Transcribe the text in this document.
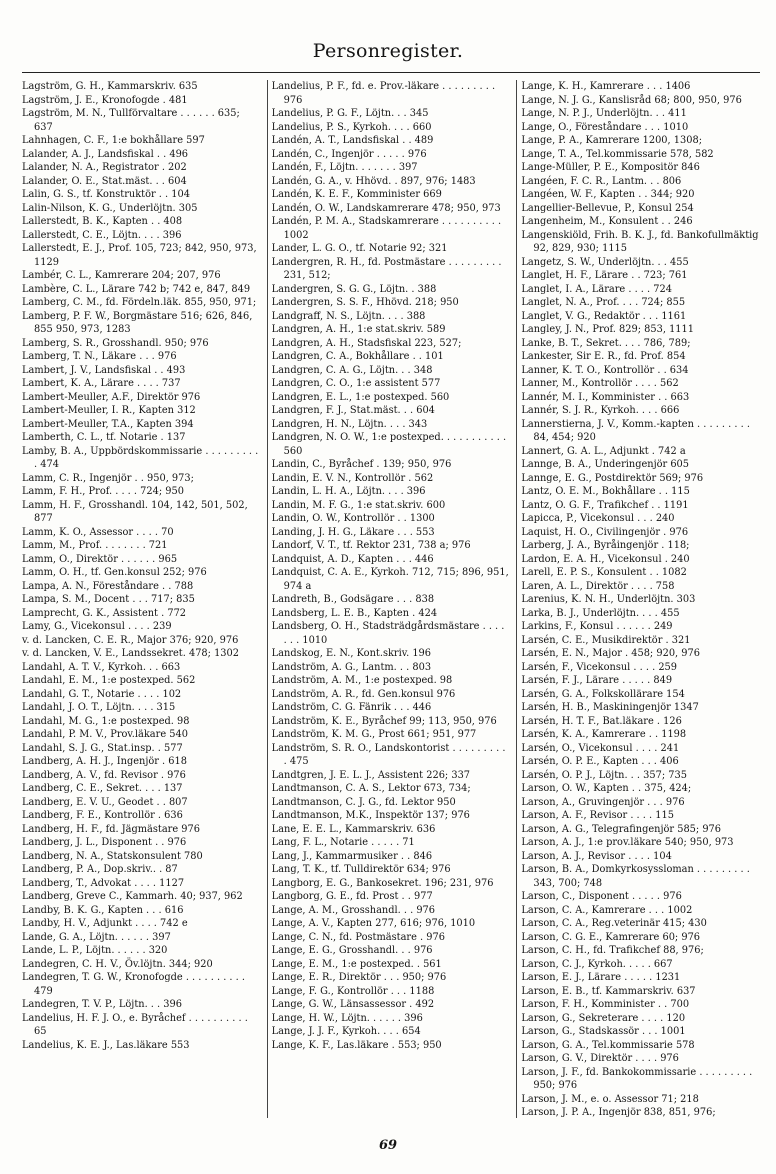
Personregister.
Lagström, G. H., Kammarskriv. 635
Lagström, J. E., Kronofogde . 481
Lagström, M. N., Tullförvaltare . . . . . . 635; 637
Lahnhagen, C. F., 1:e bokhållare 597
Lalander, A. J., Landsfiskal . . 496
Lalander, N. A., Registrator . 202
Lalander, O. E., Stat.mäst. . . 604
Lalin, G. S., tf. Konstruktör . . 104
Lalin-Nilson, K. G., Underlöjtn. 305
Lallerstedt, B. K., Kapten . . 408
Lallerstedt, C. E., Löjtn. . . . 396
Lallerstedt, E. J., Prof. 105, 723; 842, 950, 973, 1129
Lambér, C. L., Kamrerare 204; 207, 976
Lambère, C. L., Lärare 742 b; 742 e, 847, 849
Lamberg, C. M., fd. Fördeln.läk. 855, 950, 971;
Lamberg, P. F. W., Borgmästare 516; 626, 846, 855 950, 973, 1283
Lamberg, S. R., Grosshandl. 950; 976
Lamberg, T. N., Läkare . . . 976
Lambert, J. V., Landsfiskal . . 493
Lambert, K. A., Lärare . . . . 737
Lambert-Meuller, A.F., Direktör 976
Lambert-Meuller, I. R., Kapten 312
Lambert-Meuller, T.A., Kapten 394
Lamberth, C. L., tf. Notarie . 137
Lamby, B. A., Uppbördskommissarie . . . . . . . . . . 474
Lamm, C. R., Ingenjör . . 950, 973;
Lamm, F. H., Prof. . . . . 724; 950
Lamm, H. F., Grosshandl. 104, 142, 501, 502, 877
Lamm, K. O., Assessor . . . . 70
Lamm, M., Prof. . . . . . . . 721
Lamm, O., Direktör . . . . . . 965
Lamm, O. H., tf. Gen.konsul 252; 976
Lampa, A. N., Föreståndare . . 788
Lampa, S. M., Docent . . . 717; 835
Lamprecht, G. K., Assistent . 772
Lamy, G., Vicekonsul . . . . 239
v. d. Lancken, C. E. R., Major 376; 920, 976
v. d. Lancken, V. E., Landssekret. 478; 1302
Landahl, A. T. V., Kyrkoh. . . 663
Landahl, E. M., 1:e postexped. 562
Landahl, G. T., Notarie . . . . 102
Landahl, J. O. T., Löjtn. . . . 315
Landahl, M. G., 1:e postexped. 98
Landahl, P. M. V., Prov.läkare 540
Landahl, S. J. G., Stat.insp. . 577
Landberg, A. H. J., Ingenjör . 618
Landberg, A. V., fd. Revisor . 976
Landberg, C. E., Sekret. . . . 137
Landberg, E. V. U., Geodet . . 807
Landberg, F. E., Kontrollör . 636
Landberg, H. F., fd. Jägmästare 976
Landberg, J. L., Disponent . . 976
Landberg, N. A., Statskonsulent 780
Landberg, P. A., Dop.skriv.. . 87
Landberg, T., Advokat . . . . 1127
Landberg, Greve C., Kammarh. 40; 937, 962
Landby, B. K. G., Kapten . . . 616
Landby, H. V., Adjunkt . . . . 742 e
Lande, G. A., Löjtn. . . . . . 397
Lande, L. P., Löjtn. . . . . . 320
Landegren, C. H. V., Öv.löjtn. 344; 920
Landegren, T. G. W., Kronofogde . . . . . . . . . . 479
Landegren, T. V. P., Löjtn. . . 396
Landelius, H. F. J. O., e. Byråchef . . . . . . . . . . 65
Landelius, K. E. J., Las.läkare 553
Landelius, P. F., fd. e. Prov.-läkare . . . . . . . . . 976
Landelius, P. G. F., Löjtn. . . 345
Landelius, P. S., Kyrkoh. . . . 660
Landén, A. T., Landsfiskal . . 489
Landén, C., Ingenjör . . . . . 976
Landén, F., Löjtn. . . . . . . 397
Landén, G. A., v. Hhövd. . 897, 976; 1483
Landén, K. E. F., Komminister 669
Landén, O. W., Landskamrerare 478; 950, 973
Landén, P. M. A., Stadskamrerare . . . . . . . . . . 1002
Lander, L. G. O., tf. Notarie 92; 321
Landergren, R. H., fd. Postmästare . . . . . . . . . 231, 512;
Landergren, S. G. G., Löjtn. . 388
Landergren, S. S. F., Hhövd. 218; 950
Landgraff, N. S., Löjtn. . . . 388
Landgren, A. H., 1:e stat.skriv. 589
Landgren, A. H., Stadsfiskal 223, 527;
Landgren, C. A., Bokhållare . . 101
Landgren, C. A. G., Löjtn. . . 348
Landgren, C. O., 1:e assistent 577
Landgren, E. L., 1:e postexped. 560
Landgren, F. J., Stat.mäst. . . 604
Landgren, H. N., Löjtn. . . . 343
Landgren, N. O. W., 1:e postexped. . . . . . . . . . . 560
Landin, C., Byråchef . 139; 950, 976
Landin, E. V. N., Kontrollör . 562
Landin, L. H. A., Löjtn. . . . 396
Landin, M. F. G., 1:e stat.skriv. 600
Landin, O. W., Kontrollör . . 1300
Landing, J. H. G., Läkare . . . 553
Landorf, V. T., tf. Rektor 231, 738 a; 976
Landquist, A. D., Kapten . . . 446
Landquist, C. A. E., Kyrkoh. 712, 715; 896, 951, 974 a
Landreth, B., Godsägare . . . 838
Landsberg, L. E. B., Kapten . 424
Landsberg, O. H., Stadsträdgårdsmästare . . . . . . . 1010
Landskog, E. N., Kont.skriv. 196
Landström, A. G., Lantm. . . 803
Landström, A. M., 1:e postexped. 98
Landström, A. R., fd. Gen.konsul 976
Landström, C. G. Fänrik . . . 446
Landström, K. E., Byråchef 99; 113, 950, 976
Landström, K. M. G., Prost 661; 951, 977
Landström, S. R. O., Landskontorist . . . . . . . . . . 475
Landtgren, J. E. L. J., Assistent 226; 337
Landtmanson, C. A. S., Lektor 673, 734;
Landtmanson, C. J. G., fd. Lektor 950
Landtmanson, M.K., Inspektör 137; 976
Lane, E. E. L., Kammarskriv. 636
Lang, F. L., Notarie . . . . . 71
Lang, J., Kammarmusiker . . 846
Lang, T. K., tf. Tulldirektör 634; 976
Langborg, E. G., Bankosekret. 196; 231, 976
Langborg, G. E., fd. Prost . . 977
Lange, A. M., Grosshandl. . . 976
Lange, A. V., Kapten 277, 616; 976, 1010
Lange, C. N., fd. Postmästare . 976
Lange, E. G., Grosshandl. . . 976
Lange, E. M., 1:e postexped. . 561
Lange, E. R., Direktör . . . 950; 976
Lange, F. G., Kontrollör . . . 1188
Lange, G. W., Länsassessor . 492
Lange, H. W., Löjtn. . . . . . 396
Lange, J. J. F., Kyrkoh. . . . 654
Lange, K. F., Las.läkare . 553; 950
Lange, K. H., Kamrerare . . . 1406
Lange, N. J. G., Kanslisråd 68; 800, 950, 976
Lange, N. P. J., Underlöjtn. . . 411
Lange, O., Föreståndare . . . 1010
Lange, P. A., Kamrerare 1200, 1308;
Lange, T. A., Tel.kommissarie 578, 582
Lange-Müller, P. E., Kompositör 846
Langéen, F. C. R., Lantm. . . 806
Langéen, W. F., Kapten . . 344; 920
Langellier-Bellevue, P., Konsul 254
Langenheim, M., Konsulent . . 246
Langenskiöld, Frih. B. K. J., fd. Bankofullmäktig 92, 829, 930; 1115
Langetz, S. W., Underlöjtn. . . 455
Langlet, H. F., Lärare . . 723; 761
Langlet, I. A., Lärare . . . . 724
Langlet, N. A., Prof. . . . 724; 855
Langlet, V. G., Redaktör . . . 1161
Langley, J. N., Prof. 829; 853, 1111
Lanke, B. T., Sekret. . . . 786, 789;
Lankester, Sir E. R., fd. Prof. 854
Lanner, K. T. O., Kontrollör . . 634
Lanner, M., Kontrollör . . . . 562
Lannér, M. I., Komminister . . 663
Lannér, S. J. R., Kyrkoh. . . . 666
Lannerstierna, J. V., Komm.-kapten . . . . . . . . . 84, 454; 920
Lannert, G. A. L., Adjunkt . 742 a
Lannge, B. A., Underingenjör 605
Lannge, E. G., Postdirektör 569; 976
Lantz, O. E. M., Bokhållare . . 115
Lantz, O. G. F., Trafikchef . . 1191
Lapicca, P., Vicekonsul . . . 240
Laquist, H. O., Civilingenjör . 976
Larberg, J. A., Byråingenjör . 118;
Lardon, E. A. H., Vicekonsul . 240
Larell, E. P. S., Konsulent . . 1082
Laren, A. L., Direktör . . . . 758
Larenius, K. N. H., Underlöjtn. 303
Larka, B. J., Underlöjtn. . . . 455
Larkins, F., Konsul . . . . . . 249
Larsén, C. E., Musikdirektör . 321
Larsén, E. N., Major . 458; 920, 976
Larsén, F., Vicekonsul . . . . 259
Larsén, F. J., Lärare . . . . . 849
Larsén, G. A., Folkskollärare 154
Larsén, H. B., Maskiningenjör 1347
Larsén, H. T. F., Bat.läkare . 126
Larsén, K. A., Kamrerare . . 1198
Larsén, O., Vicekonsul . . . . 241
Larsén, O. P. E., Kapten . . . 406
Larsén, O. P. J., Löjtn. . . 357; 735
Larson, O. W., Kapten . . 375, 424;
Larson, A., Gruvingenjör . . . 976
Larson, A. F., Revisor . . . . 115
Larson, A. G., Telegrafingenjör 585; 976
Larson, A. J., 1:e prov.läkare 540; 950, 973
Larson, A. J., Revisor . . . . 104
Larson, B. A., Domkyrkosyssloman . . . . . . . . . 343, 700; 748
Larson, C., Disponent . . . . . 976
Larson, C. A., Kamrerare . . . 1002
Larson, C. A., Reg.veterinär 415; 430
Larson, C. G. E., Kamrerare 60; 976
Larson, C. H., fd. Trafikchef 88, 976;
Larson, C. J., Kyrkoh. . . . . 667
Larson, E. J., Lärare . . . . . 1231
Larson, E. B., tf. Kammarskriv. 637
Larson, F. H., Komminister . . 700
Larson, G., Sekreterare . . . . 120
Larson, G., Stadskassör . . . 1001
Larson, G. A., Tel.kommissarie 578
Larson, G. V., Direktör . . . . 976
Larson, J. F., fd. Bankokommissarie . . . . . . . . . 950; 976
Larson, J. M., e. o. Assessor 71; 218
Larson, J. P. A., Ingenjör 838, 851, 976;
69
